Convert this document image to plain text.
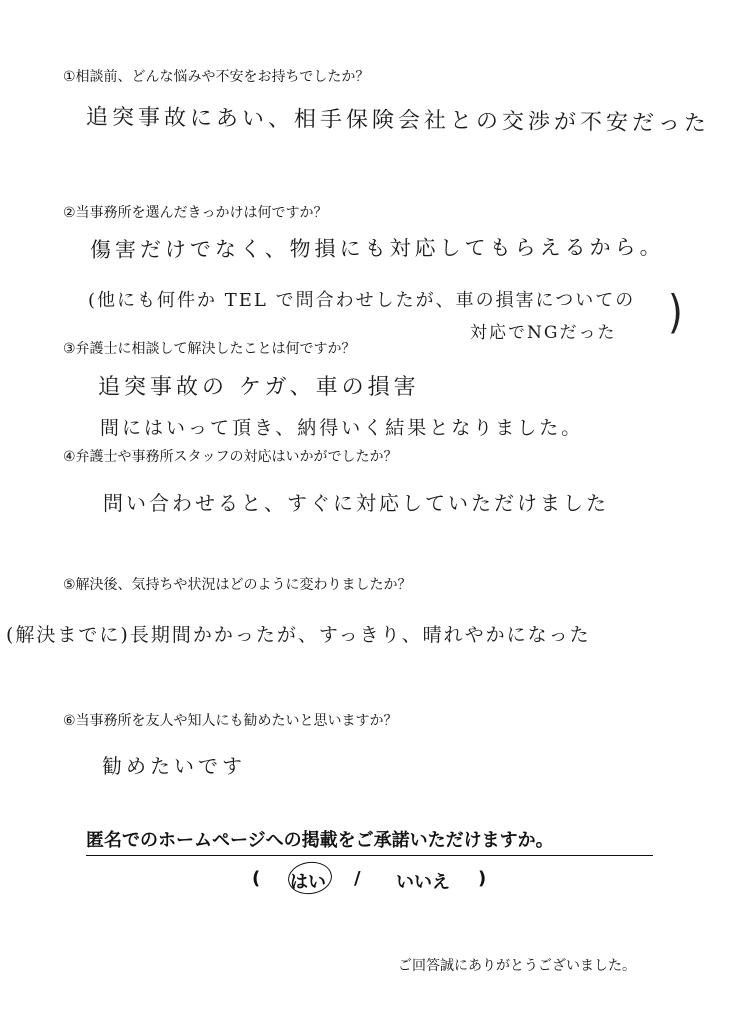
①相談前、どんな悩みや不安をお持ちでしたか？
②当事務所を選んだきっかけは何ですか？
③弁護士に相談して解決したことは何ですか？
④弁護士や事務所スタッフの対応はいかがでしたか？
⑤解決後、気持ちや状況はどのように変わりましたか？
⑥当事務所を友人や知人にも勧めたいと思いますか？
追突事故にあい、相手保険会社との交渉が不安だった
傷害だけでなく、物損にも対応してもらえるから。
(他にも何件か TEL で問合わせしたが、車の損害についての
対応でNGだった )
追突事故の ケガ、車の損害
間にはいって頂き、納得いく結果となりました。
問い合わせると、すぐに対応していただけました
(解決までに)長期間かかったが、すっきり、晴れやかになった
勧めたいです
匿名でのホームページへの掲載をご承諾いただけますか。
( はい / いいえ )
ご回答誠にありがとうございました。
